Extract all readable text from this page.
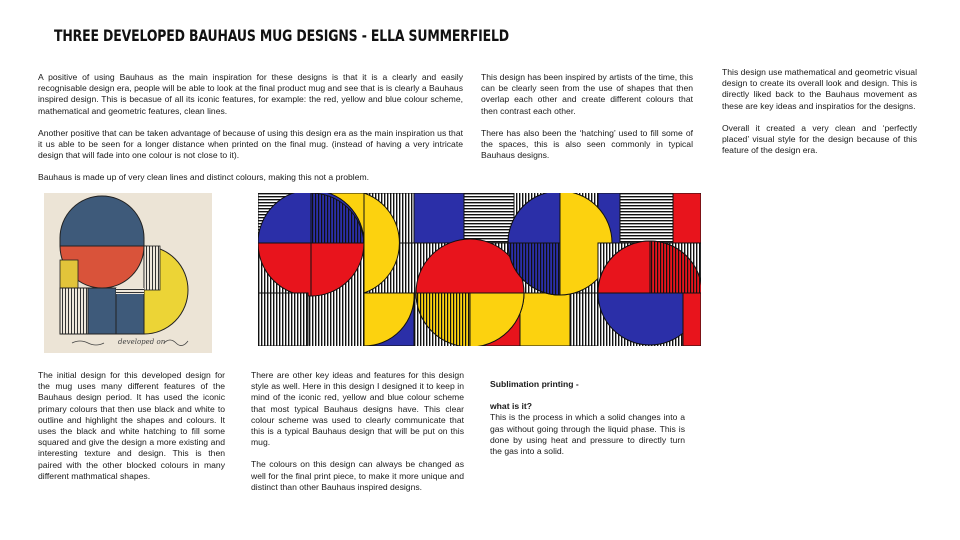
THREE DEVELOPED BAUHAUS MUG DESIGNS - ELLA SUMMERFIELD

A positive of using Bauhaus as the main inspiration for these designs is that it is a clearly and easily recognisable design era, people will be able to look at the final product mug and see that is is clearly a Bauhaus inspired design. This is becasue of all its iconic features, for example: the red, yellow and blue colour scheme, mathematical and geometric features, clean lines.

Another positive that can be taken advantage of because of using this design era as the main inspiration us that it us able to be seen for a longer distance when printed on the final mug. (instead of having a very intricate design that will fade into one colour is not close to it).

Bauhaus is made up of very clean lines and distinct colours, making this not a problem.

This design has been inspired by artists of the time, this can be clearly seen from the use of shapes that then overlap each other and create different colours that then contrast each other.

There has also been the ‘hatching’ used to fill some of the spaces, this is also seen commonly in typical Bauhaus designs.

This design use mathematical and geometric visual design to create its overall look and design. This is directly liked back to the Bauhaus movement as these are key ideas and inspiratios for the designs.

Overall it created a very clean and ‘perfectly placed’ visual style for the design because of this feature of the design era.

developed on
The initial design for this developed design for the mug uses many different features of the Bauhaus design period. It has used the iconic primary colours that then use black and white to outline and highlight the shapes and colours. It uses the black and white hatching to fill some squared and give the design a more existing and interesting texture and design. This is then paired with the other blocked colours in many different mathmatical shapes.

There are other key ideas and features for this design style as well. Here in this design I designed it to keep in mind of the iconic red, yellow and blue colour scheme that most typical Bauhaus designs have. This clear colour scheme was used to clearly communicate that this is a typical Bauhaus design that will be put on this mug.

The colours on this design can always be changed as well for the final print piece, to make it more unique and distinct than other Bauhaus inspired designs.

Sublimation printing -

what is it?
This is the process in which a solid changes into a gas without going through the liquid phase. This is done by using heat and pressure to directly turn the gas into a solid.
